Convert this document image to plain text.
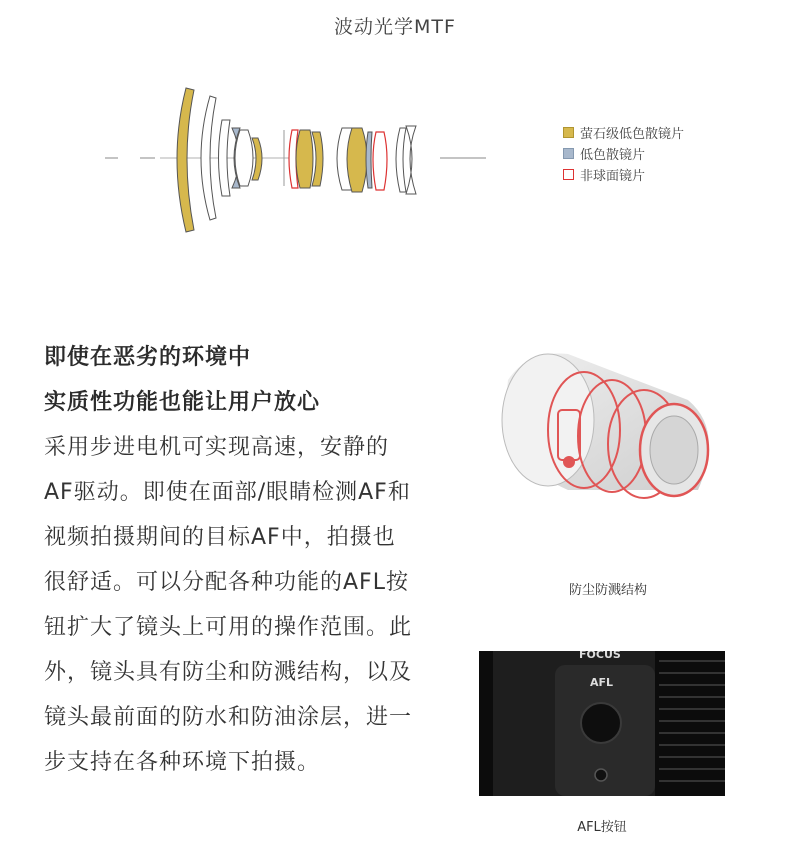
波动光学MTF
萤石级低色散镜片
低色散镜片
非球面镜片
即使在恶劣的环境中
实质性功能也能让用户放心
采用步进电机可实现高速，安静的AF驱动。即使在面部/眼睛检测AF和视频拍摄期间的目标AF中，拍摄也很舒适。可以分配各种功能的AFL按钮扩大了镜头上可用的操作范围。此外，镜头具有防尘和防溅结构，以及镜头最前面的防水和防油涂层，进一步支持在各种环境下拍摄。
防尘防溅结构
FOCUS
AFL
AFL按钮
